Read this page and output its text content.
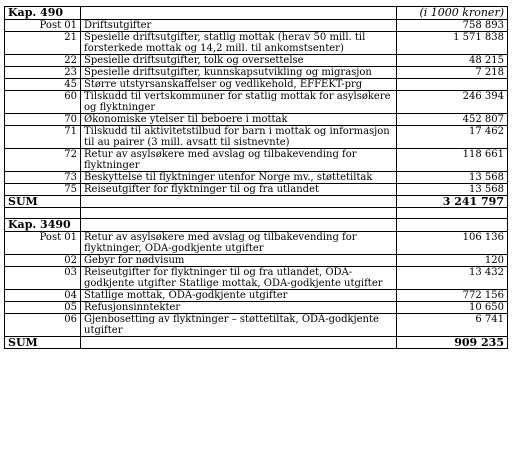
Kap. 490		(i 1000 kroner)
Post 01	Driftsutgifter	758 893
21	Spesielle driftsutgifter, statlig mottak (herav 50 mill. til forsterkede mottak og 14,2 mill. til ankomstsenter)	1 571 838
22	Spesielle driftsutgifter, tolk og oversettelse	48 215
23	Spesielle driftsutgifter, kunnskapsutvikling og migrasjon	7 218
45	Større utstyrsanskaffelser og vedlikehold, EFFEKT-prg	
60	Tilskudd til vertskommuner for statlig mottak for asylsøkere og flyktninger	246 394
70	Økonomiske ytelser til beboere i mottak	452 807
71	Tilskudd til aktivitetstilbud for barn i mottak og informasjon til au pairer (3 mill. avsatt til sistnevnte)	17 462
72	Retur av asylsøkere med avslag og tilbakevending for flyktninger	118 661
73	Beskyttelse til flyktninger utenfor Norge mv., støttetiltak	13 568
75	Reiseutgifter for flyktninger til og fra utlandet	13 568
SUM		3 241 797

Kap. 3490		
Post 01	Retur av asylsøkere med avslag og tilbakevending for flyktninger, ODA-godkjente utgifter	106 136
02	Gebyr for nødvisum	120
03	Reiseutgifter for flyktninger til og fra utlandet, ODA-godkjente utgifter Statlige mottak, ODA-godkjente utgifter	13 432
04	Statlige mottak, ODA-godkjente utgifter	772 156
05	Refusjonsinntekter	10 650
06	Gjenbosetting av flyktninger – støttetiltak, ODA-godkjente utgifter	6 741
SUM		909 235
